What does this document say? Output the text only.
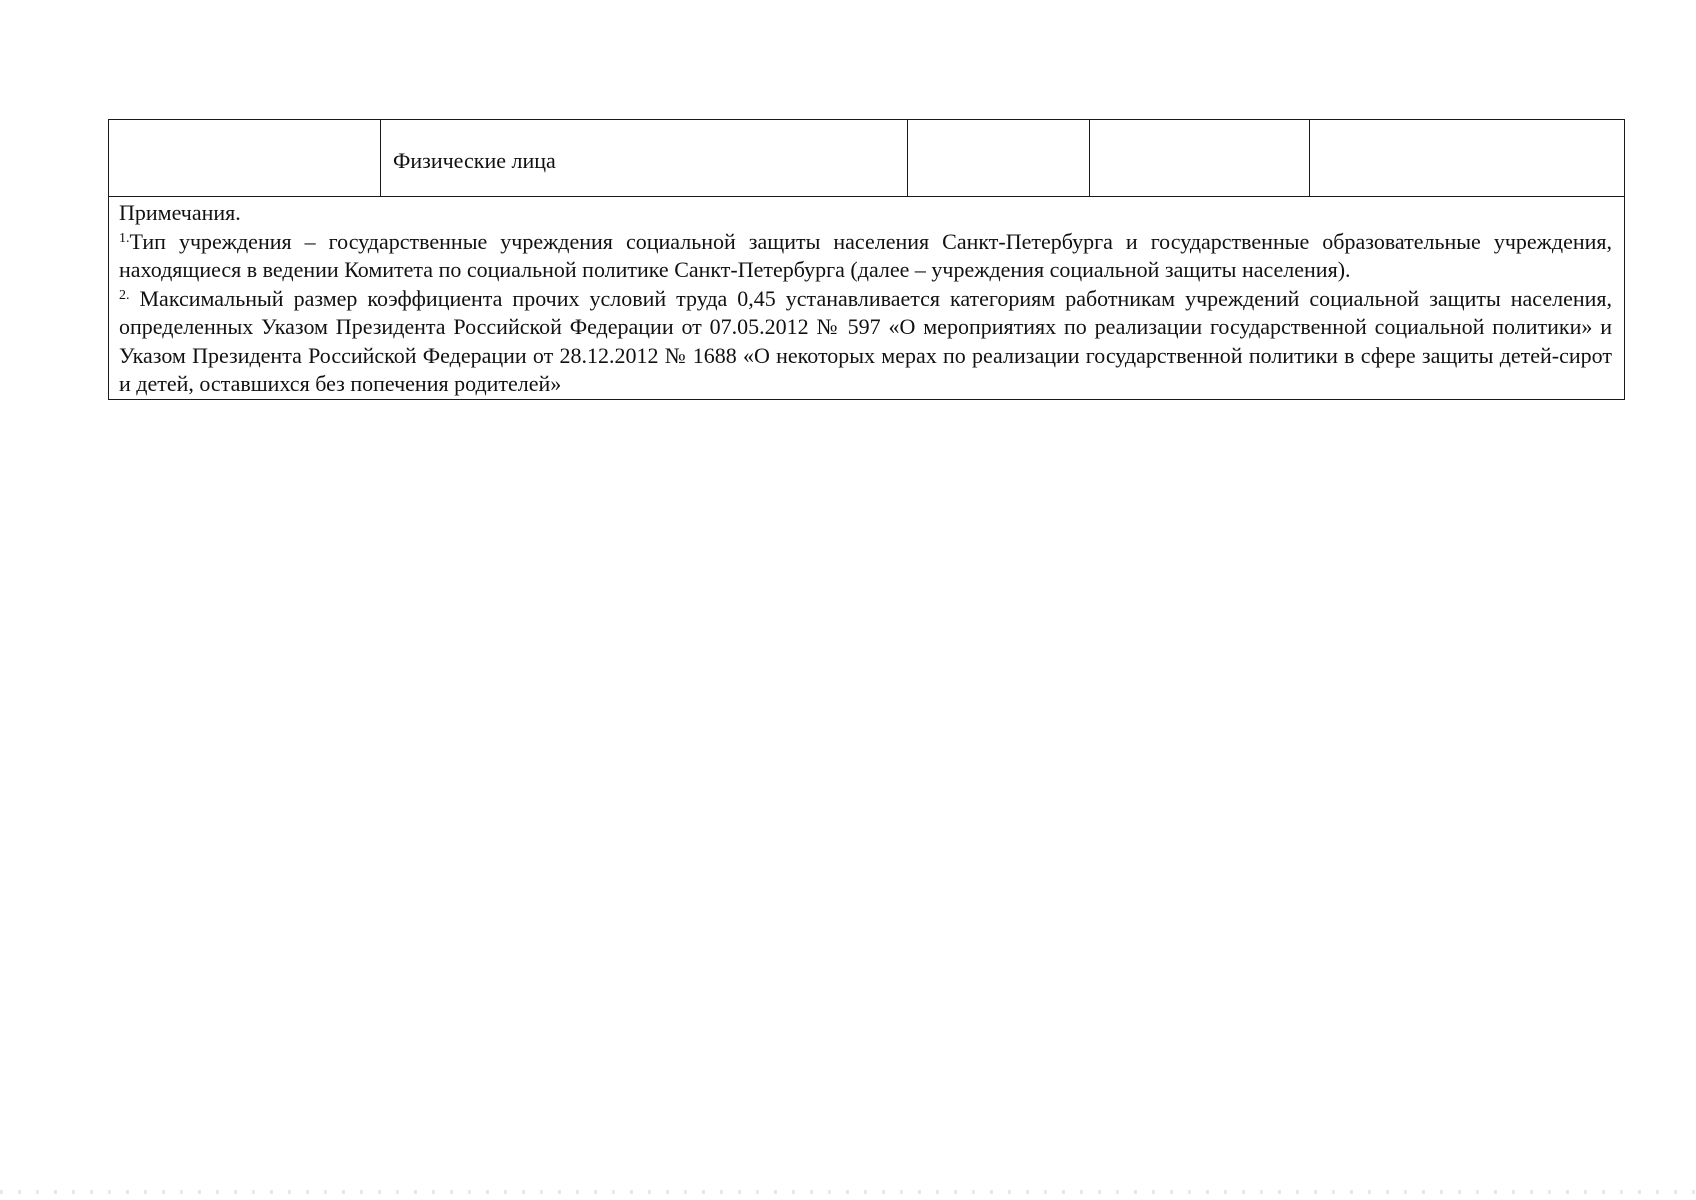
	Физические лица			

Примечания.
$^{1.}$Тип учреждения – государственные учреждения социальной защиты населения Санкт-Петербурга и государственные образовательные учреждения, находящиеся в ведении Комитета по социальной политике Санкт-Петербурга (далее – учреждения социальной защиты населения).
$^{2.}$ Максимальный размер коэффициента прочих условий труда 0,45 устанавливается категориям работникам учреждений социальной защиты населения, определенных Указом Президента Российской Федерации от 07.05.2012 № 597 «О мероприятиях по реализации государственной социальной политики» и Указом Президента Российской Федерации от 28.12.2012 № 1688 «О некоторых мерах по реализации государственной политики в сфере защиты детей-сирот и детей, оставшихся без попечения родителей»
